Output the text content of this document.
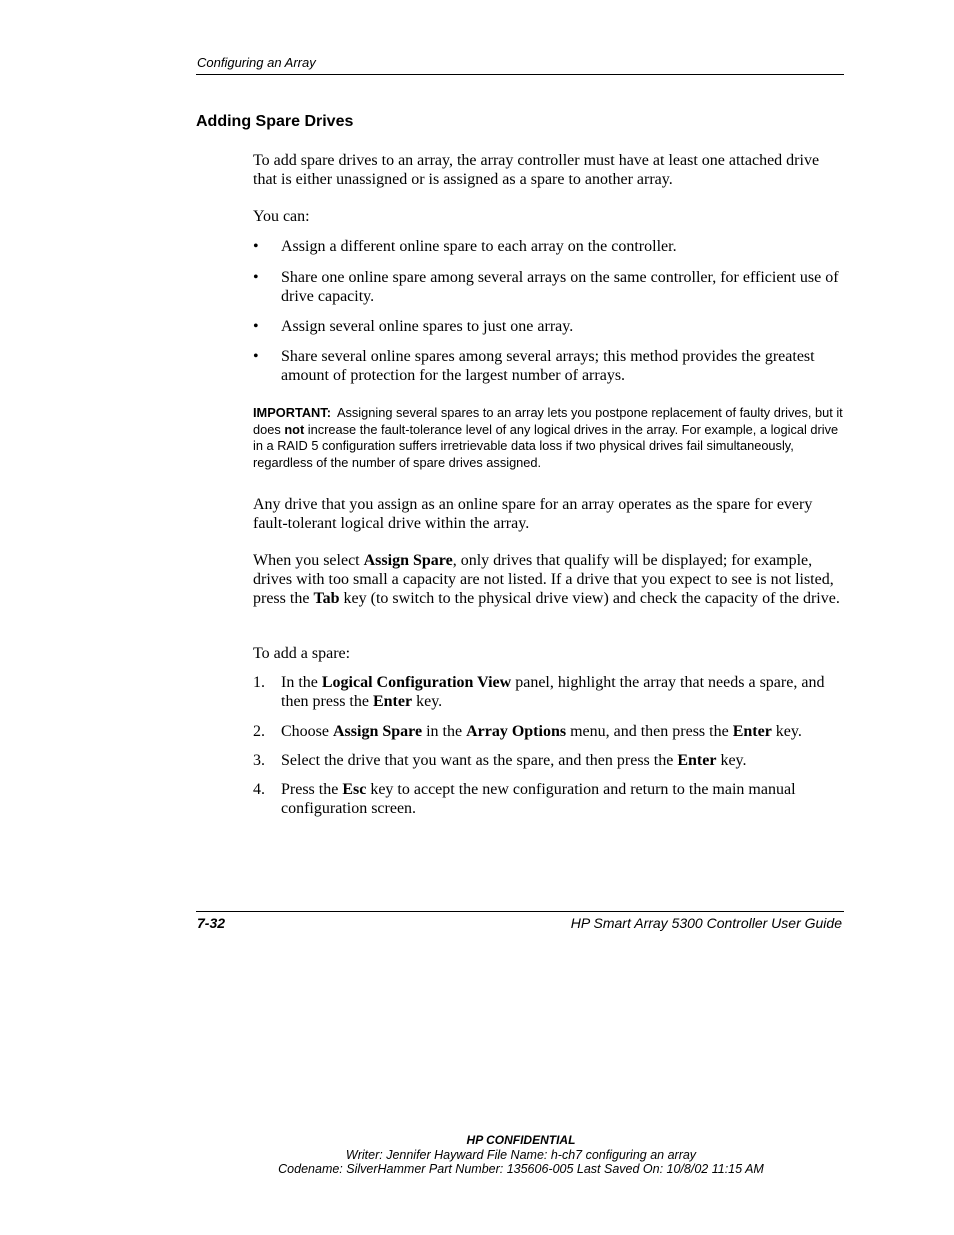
Configuring an Array
Adding Spare Drives
To add spare drives to an array, the array controller must have at least one attached drive that is either unassigned or is assigned as a spare to another array.
You can:
• Assign a different online spare to each array on the controller.
• Share one online spare among several arrays on the same controller, for efficient use of drive capacity.
• Assign several online spares to just one array.
• Share several online spares among several arrays; this method provides the greatest amount of protection for the largest number of arrays.
IMPORTANT: Assigning several spares to an array lets you postpone replacement of faulty drives, but it does not increase the fault-tolerance level of any logical drives in the array. For example, a logical drive in a RAID 5 configuration suffers irretrievable data loss if two physical drives fail simultaneously, regardless of the number of spare drives assigned.
Any drive that you assign as an online spare for an array operates as the spare for every fault-tolerant logical drive within the array.
When you select Assign Spare, only drives that qualify will be displayed; for example, drives with too small a capacity are not listed. If a drive that you expect to see is not listed, press the Tab key (to switch to the physical drive view) and check the capacity of the drive.
To add a spare:
1. In the Logical Configuration View panel, highlight the array that needs a spare, and then press the Enter key.
2. Choose Assign Spare in the Array Options menu, and then press the Enter key.
3. Select the drive that you want as the spare, and then press the Enter key.
4. Press the Esc key to accept the new configuration and return to the main manual configuration screen.
7-32	HP Smart Array 5300 Controller User Guide
HP CONFIDENTIAL
Writer: Jennifer Hayward File Name: h-ch7 configuring an array
Codename: SilverHammer Part Number: 135606-005 Last Saved On: 10/8/02 11:15 AM
